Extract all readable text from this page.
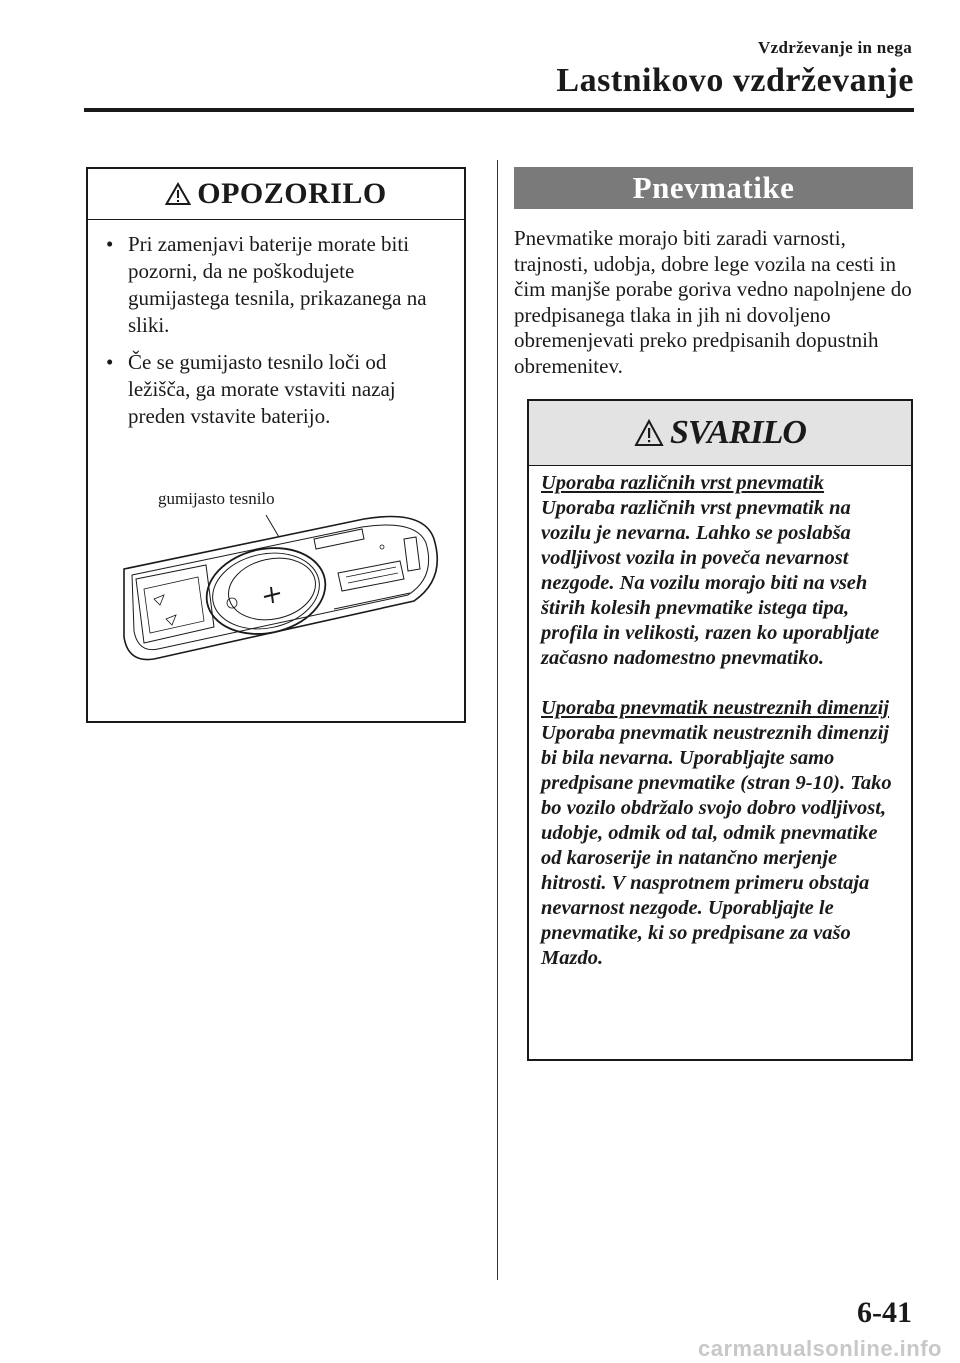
Vzdrževanje in nega
Lastnikovo vzdrževanje
OPOZORILO
• Pri zamenjavi baterije morate biti pozorni, da ne poškodujete gumijastega tesnila, prikazanega na sliki.
• Če se gumijasto tesnilo loči od ležišča, ga morate vstaviti nazaj preden vstavite baterijo.
gumijasto tesnilo
Pnevmatike
Pnevmatike morajo biti zaradi varnosti, trajnosti, udobja, dobre lege vozila na cesti in čim manjše porabe goriva vedno napolnjene do predpisanega tlaka in jih ni dovoljeno obremenjevati preko predpisanih dopustnih obremenitev.
SVARILO

Uporaba različnih vrst pnevmatik

Uporaba različnih vrst pnevmatik na vozilu je nevarna. Lahko se poslabša vodljivost vozila in poveča nevarnost nezgode. Na vozilu morajo biti na vseh štirih kolesih pnevmatike istega tipa, profila in velikosti, razen ko uporabljate začasno nadomestno pnevmatiko.

Uporaba pnevmatik neustreznih dimenzij

Uporaba pnevmatik neustreznih dimenzij bi bila nevarna. Uporabljajte samo predpisane pnevmatike (stran 9-10). Tako bo vozilo obdržalo svojo dobro vodljivost, udobje, odmik od tal, odmik pnevmatike od karoserije in natančno merjenje hitrosti. V nasprotnem primeru obstaja nevarnost nezgode. Uporabljajte le pnevmatike, ki so predpisane za vašo Mazdo.

6-41
carmanualsonline.info
